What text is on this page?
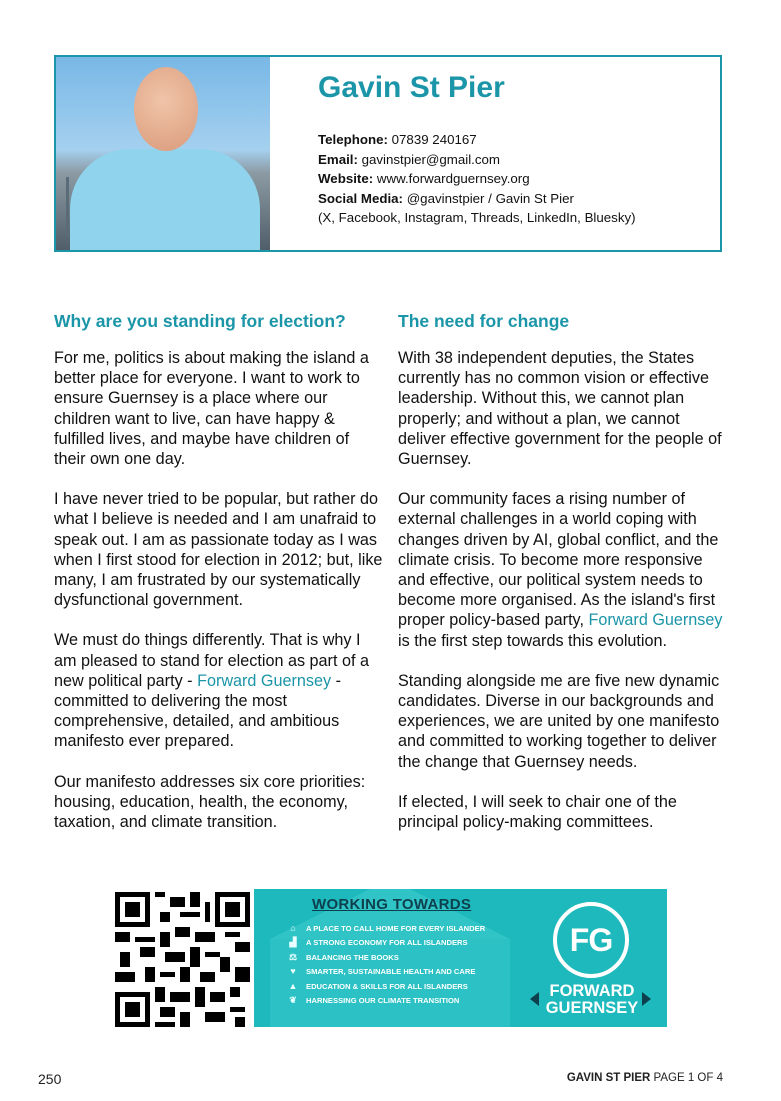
Gavin St Pier
Telephone: 07839 240167
Email: gavinstpier@gmail.com
Website: www.forwardguernsey.org
Social Media: @gavinstpier / Gavin St Pier
(X, Facebook, Instagram, Threads, LinkedIn, Bluesky)
Why are you standing for election?

For me, politics is about making the island a better place for everyone. I want to work to ensure Guernsey is a place where our children want to live, can have happy & fulfilled lives, and maybe have children of their own one day.

I have never tried to be popular, but rather do what I believe is needed and I am unafraid to speak out. I am as passionate today as I was when I first stood for election in 2012; but, like many, I am frustrated by our systematically dysfunctional government.

We must do things differently. That is why I am pleased to stand for election as part of a new political party - Forward Guernsey - committed to delivering the most comprehensive, detailed, and ambitious manifesto ever prepared.

Our manifesto addresses six core priorities: housing, education, health, the economy, taxation, and climate transition.

The need for change

With 38 independent deputies, the States currently has no common vision or effective leadership. Without this, we cannot plan properly; and without a plan, we cannot deliver effective government for the people of Guernsey.

Our community faces a rising number of external challenges in a world coping with changes driven by AI, global conflict, and the climate crisis. To become more responsive and effective, our political system needs to become more organised. As the island's first proper policy-based party, Forward Guernsey is the first step towards this evolution.

Standing alongside me are five new dynamic candidates. Diverse in our backgrounds and experiences, we are united by one manifesto and committed to working together to deliver the change that Guernsey needs.

If elected, I will seek to chair one of the principal policy-making committees.

WORKING TOWARDS
⌂ A PLACE TO CALL HOME FOR EVERY ISLANDER
▟ A STRONG ECONOMY FOR ALL ISLANDERS
⚖ BALANCING THE BOOKS
♥ SMARTER, SUSTAINABLE HEALTH AND CARE
▲ EDUCATION & SKILLS FOR ALL ISLANDERS
❦ HARNESSING OUR CLIMATE TRANSITION
FG
FORWARD
GUERNSEY
250	GAVIN ST PIER PAGE 1 OF 4
